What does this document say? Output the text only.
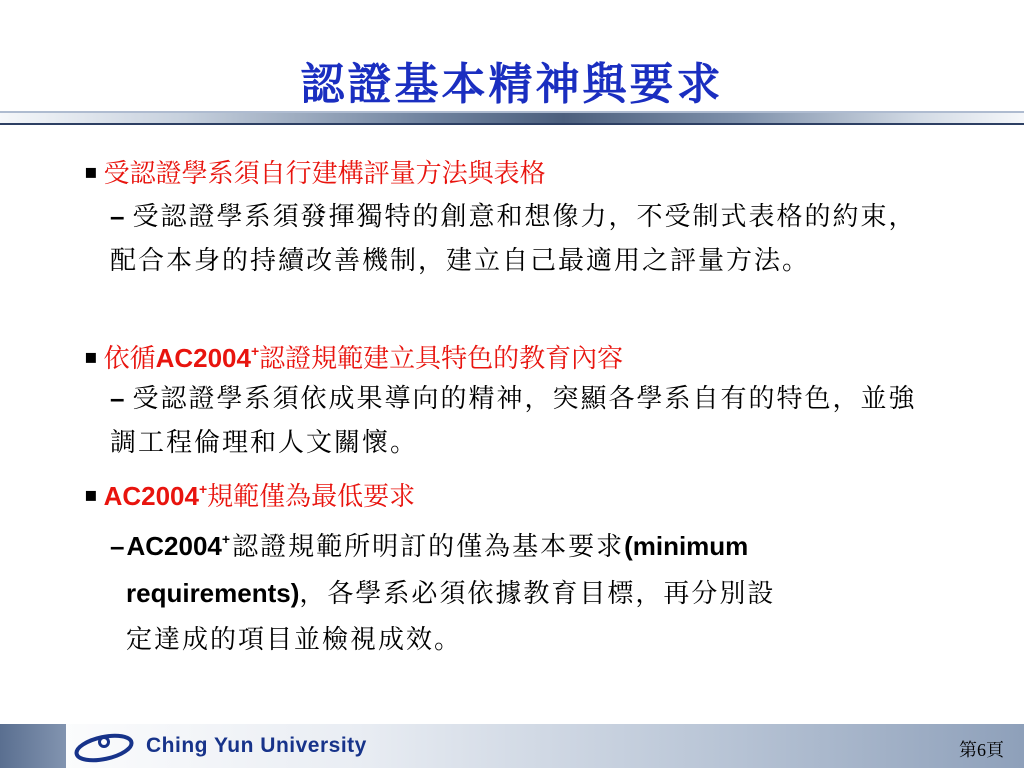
認證基本精神與要求
▪ 受認證學系須自行建構評量方法與表格
– 受認證學系須發揮獨特的創意和想像力，不受制式表格的約束，配合本身的持續改善機制，建立自己最適用之評量方法。
▪ 依循AC2004+認證規範建立具特色的教育內容
– 受認證學系須依成果導向的精神，突顯各學系自有的特色，並強調工程倫理和人文關懷。
▪ AC2004+規範僅為最低要求
–AC2004+認證規範所明訂的僅為基本要求(minimum
requirements)，各學系必須依據教育目標，再分別設
定達成的項目並檢視成效。
Ching Yun University	第6頁
